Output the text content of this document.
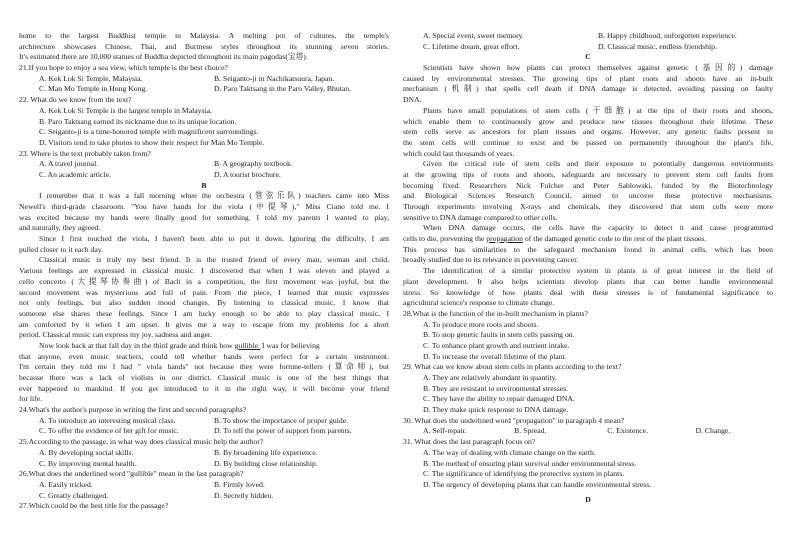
home to the largest Buddhist temple in Malaysia. A melting pot of cultures, the temple's
architecture showcases Chinese, Thai, and Burmese styles throughout its stunning seven stories.
It's estimated there are 10,000 statues of Buddha depicted throughout its main pagodas(宝塔).
21.If you hope to enjoy a sea view, which temple is the best choice?
A. Kek Lok Si Temple, Malaysia.	B. Seiganto-ji in Nachikatsuura, Japan.
C. Man Mo Temple in Hong Kong.	D. Paro Taktsang in the Paro Valley, Bhutan.
22. What do we know from the text?
A. Kek Lok Si Temple is the largest temple in Malaysia.
B. Paro Taktsang earned its nickname due to its unique location.
C. Seiganto-ji is a time-honored temple with magnificent surroundings.
D. Visitors tend to take photos to show their respect for Man Mo Temple.
23. Where is the text probably taken from?
A. A travel journal.	B. A geography textbook.
C. An academic article.	D. A tourist brochure.
B
I remember that it was a fall morning when the orchestra (管弦乐队) teachers came into Miss
Newell's third-grade classroom. "You have hands for the viola (中提琴)," Miss Ciano told me. I
was excited because my hands were finally good for something. I told my parents I wanted to play,
and naturally, they agreed.
Since I first touched the viola, I haven't been able to put it down. Ignoring the difficulty, I am
pulled closer to it each day.
Classical music is truly my best friend. It is the trusted friend of every man, woman and child.
Various feelings are expressed in classical music. I discovered that when I was eleven and played a
cello concerto (大提琴协奏曲) of Bach in a competition, the first movement was joyful, but the
second movement was mysterious and full of pain. From the piece, I learned that music expresses
not only feelings, but also sudden mood changes. By listening to classical music, I know that
someone else shares these feelings. Since I am lucky enough to be able to play classical music, I
am comforted by it when I am upset. It gives me a way to escape from my problems for a short
period. Classical music can express my joy, sadness and anger.
Now look back at that fall day in the third grade and think how gullible. I was for believing
that anyone, even music teachers, could tell whether hands were perfect for a certain instrument.
I'm certain they told me I had " viola hands" not because they were fortune-tellers (算命师), but
because there was a lack of violists in our district. Classical music is one of the best things that
ever happened to mankind. If you get introduced to it in the right way, it will become your friend
for life.
24.What's the author's purpose in writing the first and second paragraphs?
A. To introduce an interesting musical class.	B. To show the importance of proper guide.
C. To offer the evidence of her gift for music.	D. To tell the power of support from parents.
25.According to the passage, in what way does classical music help the author?
A. By developing social skills.	B. By broadening life experience.
C. By improving mental health.	D. By building close relationship.
26.What does the underlined word "gullible" mean in the last paragraph?
A. Easily tricked.	B. Firmly loved.
C. Greatly challenged.	D. Secretly hidden.
27.Which could be the best title for the passage?
A. Special event, sweet memory.	B. Happy childhood, unforgotten experience.
C. Lifetime dream, great effort.	D. Classical music, endless friendship.
C
Scientists have shown how plants can protect themselves against genetic (基因的) damage
caused by environmental stresses. The growing tips of plant roots and shoots have an in-built
mechanism (机制) that spells cell death if DNA damage is detected, avoiding passing on faulty
DNA.
Plants have small populations of stem cells (干细胞) at the tips of their roots and shoots,
which enable them to continuously grow and produce new tissues throughout their lifetime. These
stem cells serve as ancestors for plant tissues and organs. However, any genetic faults present in
the stem cells will continue to exist and be passed on permanently throughout the plant's life,
which could last thousands of years.
Given the critical role of stem cells and their exposure to potentially dangerous environments
at the growing tips of roots and shoots, safeguards are necessary to prevent stem cell faults from
becoming fixed. Researchers Nick Fulcher and Peter Sablowski, funded by the Biotechnology
and Biological Sciences Research Council, aimed to uncover these protective mechanisms.
Through experiments involving X-rays and chemicals, they discovered that stem cells were more
sensitive to DNA damage compared to other cells.
When DNA damage occurs, the cells have the capacity to detect it and cause programmed
cells to die, preventing the propagation of the damaged genetic code to the rest of the plant tissues.
This process has similarities to the safeguard mechanism found in animal cells, which has been
broadly studied due to its relevance in preventing cancer.
The identification of a similar protective system in plants is of great interest in the field of
plant development. It also helps scientists develop plants that can better handle environmental
stress. So knowledge of how plants deal with these stresses is of fundamental significance to
agricultural science's response to climate change.
28.What is the function of the in-built mechanism in plants?
A. To produce more roots and shoots.
B. To stop genetic faults in stem cells passing on.
C. To enhance plant growth and nutrient intake.
D. To increase the overall lifetime of the plant.
29. What can we know about stem cells in plants according to the text?
A. They are relatively abundant in quantity.
B. They are resistant to environmental stresses.
C. They have the ability to repair damaged DNA.
D. They make quick response to DNA damage.
30. What does the underlined word "propagation" in paragraph 4 mean?
A. Self-repair.	B. Spread.	C. Existence.	D. Change.
31. What does the last paragraph focus on?
A. The way of dealing with climate change on the earth.
B. The method of ensuring plant survival under environmental stress.
C. The significance of identifying the protective system in plants.
D. The urgency of developing plants that can handle environmental stress.
D
